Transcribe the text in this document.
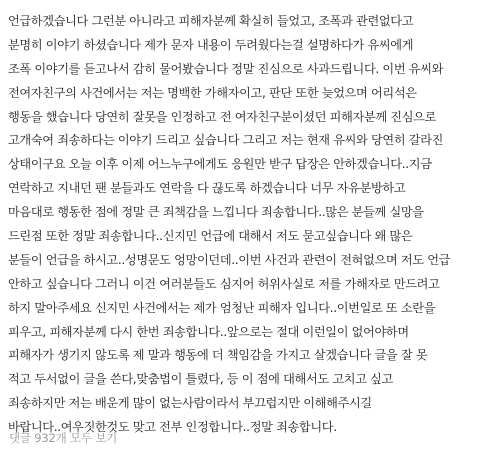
언급하겠습니다 그런분 아니라고 피해자분께 확실히 들었고, 조폭과 관련없다고
분명히 이야기 하셨습니다 제가 문자 내용이 두려웠다는걸 설명하다가 유씨에게
조폭 이야기를 듣고나서 감히 물어봤습니다 정말 진심으로 사과드립니다. 이번 유씨와
전여자친구의 사건에서는 저는 명백한 가해자이고, 판단 또한 늦었으며 어리석은
행동을 했습니다 당연히 잘못을 인정하고 전 여자친구분이셨던 피해자분께 진심으로
고개숙여 죄송하다는 이야기 드리고 싶습니다 그리고 저는 현재 유씨와 당연히 갈라진
상태이구요 오늘 이후 이제 어느누구에게도 응원만 받구 답장은 안하겠습니다..지금
연락하고 지내던 팬 분들과도 연락을 다 끊도록 하겠습니다 너무 자유분방하고
마음대로 행동한 점에 정말 큰 죄책감을 느낍니다 죄송합니다..많은 분들께 실망을
드린점 또한 정말 죄송합니다..신지민 언급에 대해서 저도 묻고싶습니다 왜 많은
분들이 언급을 하시고..성명문도 엉망이던데..이번 사건과 관련이 전혀없으며 저도 언급
안하고 싶습니다 그러니 이건 여러분들도 심지어 허위사실로 저를 가해자로 만드려고
하지 말아주세요 신지민 사건에서는 제가 엄청난 피해자 입니다..이번일로 또 소란을
피우고, 피해자분께 다시 한번 죄송합니다..앞으로는 절대 이런일이 없어야하며
피해자가 생기지 않도록 제 말과 행동에 더 책임감을 가지고 살겠습니다 글을 잘 못
적고 두서없이 글을 쓴다,맞춤법이 틀렸다, 등 이 점에 대해서도 고치고 싶고
죄송하지만 저는 배운게 많이 없는사람이라서 부끄럽지만 이해해주시길
바랍니다..여우짓한것도 맞고 전부 인정합니다..정말 죄송합니다.
댓글 932개 모두 보기
